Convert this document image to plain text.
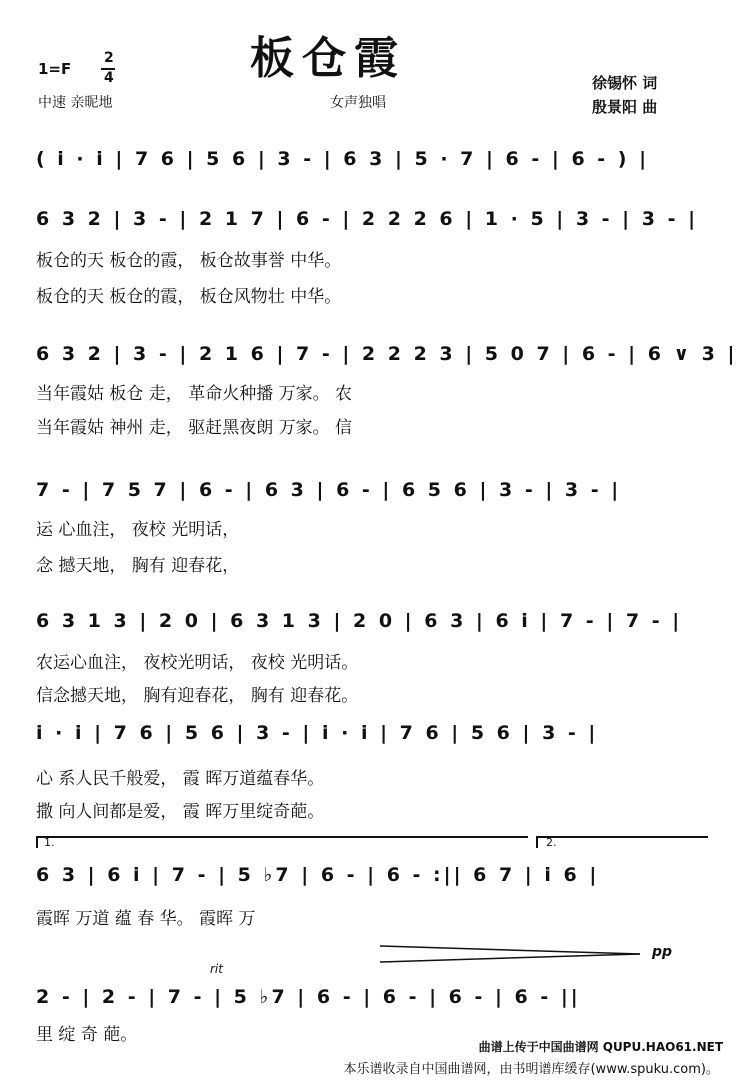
板仓霞
1=F
2
4
中速 亲昵地	女声独唱
徐锡怀 词
殷景阳 曲
( i · i | 7 6 | 5 6 | 3 - | 6 3 | 5 · 7 | 6 - | 6 - ) |
6 3 2 | 3 - | 2 1 7 | 6 - | 2 2 2 6 | 1 · 5 | 3 - | 3 - |
板仓的天 板仓的霞， 板仓故事誉 中华。
板仓的天 板仓的霞， 板仓风物壮 中华。
6 3 2 | 3 - | 2 1 6 | 7 - | 2 2 2 3 | 5 0 7 | 6 - | 6 ∨ 3 |
当年霞姑 板仓 走， 革命火种播 万家。 农
当年霞姑 神州 走， 驱赶黑夜朗 万家。 信
7 - | 7 5 7 | 6 - | 6 3 | 6 - | 6 5 6 | 3 - | 3 - |
运 心血注， 夜校 光明话，
念 撼天地， 胸有 迎春花，
6 3 1 3 | 2 0 | 6 3 1 3 | 2 0 | 6 3 | 6 i | 7 - | 7 - |
农运心血注， 夜校光明话， 夜校 光明话。
信念撼天地， 胸有迎春花， 胸有 迎春花。
i · i | 7 6 | 5 6 | 3 - | i · i | 7 6 | 5 6 | 3 - |
心 系人民千般爱， 霞 晖万道蕴春华。
撒 向人间都是爱， 霞 晖万里绽奇葩。
1.	2.
6 3 | 6 i | 7 - | 5 ♭7 | 6 - | 6 - :|| 6 7 | i 6 |
霞晖 万道 蕴 春 华。 霞晖 万
rit
pp
2 - | 2 - | 7 - | 5 ♭7 | 6 - | 6 - | 6 - | 6 - ||
里 绽 奇 葩。
曲谱上传于中国曲谱网 QUPU.HAO61.NET
本乐谱收录自中国曲谱网，由书明谱库缓存(www.spuku.com)。
